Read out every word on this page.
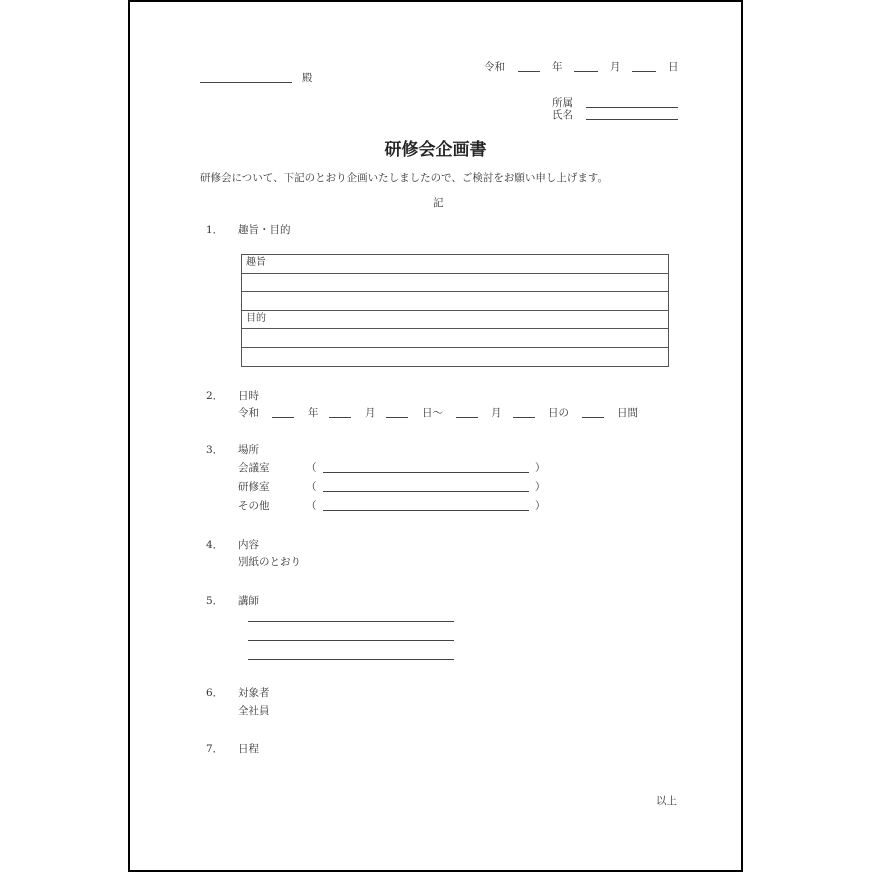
令和	年	月	日
殿
所属
氏名
研修会企画書
研修会について、下記のとおり企画いたしましたので、ご検討をお願い申し上げます。
記
1． 趣旨・目的
趣旨
目的
2． 日時
令和	年	月	日～	月	日の	日間
3． 場所
会議室	（	）
研修室	（	）
その他	（	）
4． 内容
別紙のとおり
5． 講師
6． 対象者
全社員
7． 日程
以上
